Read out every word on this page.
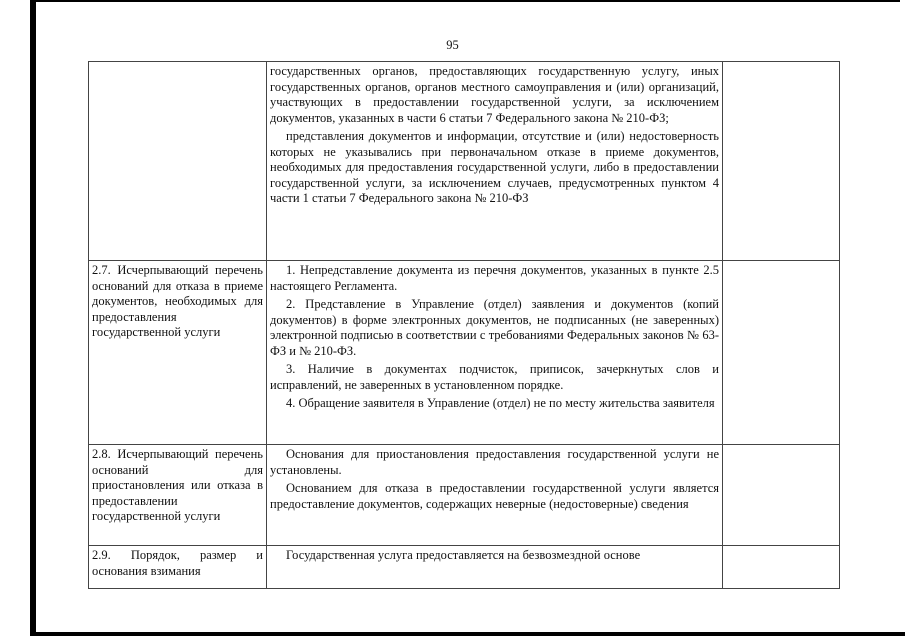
95

	государственных органов, предоставляющих государственную услугу, иных государственных органов, органов местного самоуправления и (или) организаций, участвующих в предоставлении государственной услуги, за исключением документов, указанных в части 6 статьи 7 Федерального закона № 210-ФЗ;

представления документов и информации, отсутствие и (или) недостоверность которых не указывались при первоначальном отказе в приеме документов, необходимых для предоставления государственной услуги, либо в предоставлении государственной услуги, за исключением случаев, предусмотренных пунктом 4 части 1 статьи 7 Федерального закона № 210-ФЗ	

2.7. Исчерпывающий перечень оснований для отказа в приеме документов, необходимых для предоставления государственной услуги	1. Непредставление документа из перечня документов, указанных в пункте 2.5 настоящего Регламента.

2. Представление в Управление (отдел) заявления и документов (копий документов) в форме электронных документов, не подписанных (не заверенных) электронной подписью в соответствии с требованиями Федеральных законов № 63-ФЗ и № 210-ФЗ.

3. Наличие в документах подчисток, приписок, зачеркнутых слов и исправлений, не заверенных в установленном порядке.

4. Обращение заявителя в Управление (отдел) не по месту жительства заявителя	

2.8. Исчерпывающий перечень оснований для приостановления или отказа в предоставлении государственной услуги	Основания для приостановления предоставления государственной услуги не установлены.

Основанием для отказа в предоставлении государственной услуги является предоставление документов, содержащих неверные (недостоверные) сведения	

2.9. Порядок, размер и основания взимания	Государственная услуга предоставляется на безвозмездной основе	
